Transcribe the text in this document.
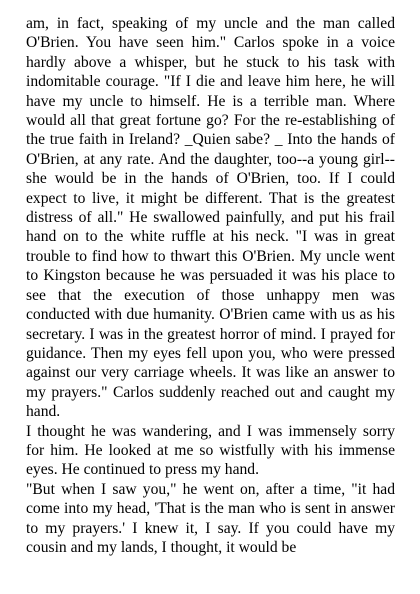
am, in fact, speaking of my uncle and the man called O'Brien. You have seen him." Carlos spoke in a voice hardly above a whisper, but he stuck to his task with indomitable courage. "If I die and leave him here, he will have my uncle to himself. He is a terrible man. Where would all that great fortune go? For the re-establishing of the true faith in Ireland? _Quien sabe? _ Into the hands of O'Brien, at any rate. And the daughter, too--a young girl--she would be in the hands of O'Brien, too. If I could expect to live, it might be different. That is the greatest distress of all." He swallowed painfully, and put his frail hand on to the white ruffle at his neck. "I was in great trouble to find how to thwart this O'Brien. My uncle went to Kingston because he was persuaded it was his place to see that the execution of those unhappy men was conducted with due humanity. O'Brien came with us as his secretary. I was in the greatest horror of mind. I prayed for guidance. Then my eyes fell upon you, who were pressed against our very carriage wheels. It was like an answer to my prayers." Carlos suddenly reached out and caught my hand.

I thought he was wandering, and I was immensely sorry for him. He looked at me so wistfully with his immense eyes. He continued to press my hand.

"But when I saw you," he went on, after a time, "it had come into my head, 'That is the man who is sent in answer to my prayers.' I knew it, I say. If you could have my cousin and my lands, I thought, it would be
